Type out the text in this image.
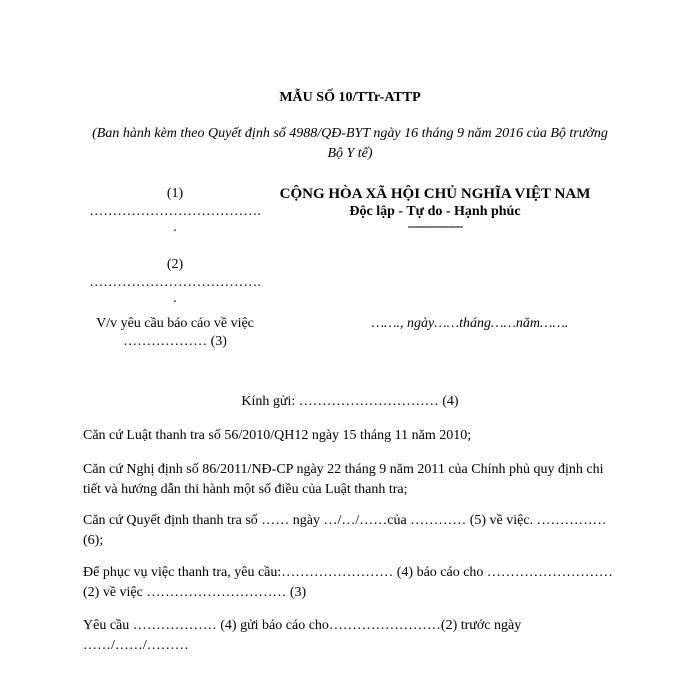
MẪU SỐ 10/TTr-ATTP
(Ban hành kèm theo Quyết định số 4988/QĐ-BYT ngày 16 tháng 9 năm 2016 của Bộ trưởng Bộ Y tế)
(1)
……………………………….
.
(2)
……………………………….
.
V/v yêu cầu báo cáo về việc
……………… (3)
CỘNG HÒA XÃ HỘI CHỦ NGHĨA VIỆT NAM
Độc lập - Tự do - Hạnh phúc
---------------
……., ngày……tháng……năm…….
Kính gửi: ………………………… (4)
Căn cứ Luật thanh tra số 56/2010/QH12 ngày 15 tháng 11 năm 2010;
Căn cứ Nghị định số 86/2011/NĐ-CP ngày 22 tháng 9 năm 2011 của Chính phủ quy định chi tiết và hướng dẫn thi hành một số điều của Luật thanh tra;
Căn cứ Quyết định thanh tra số …… ngày …/…/……của ………… (5) về việc. …………… (6);
Để phục vụ việc thanh tra, yêu cầu:…………………… (4) báo cáo cho ……………………… (2) về việc ………………………… (3)
Yêu cầu ……………… (4) gửi báo cáo cho……………………(2) trước ngày ……/……/………
